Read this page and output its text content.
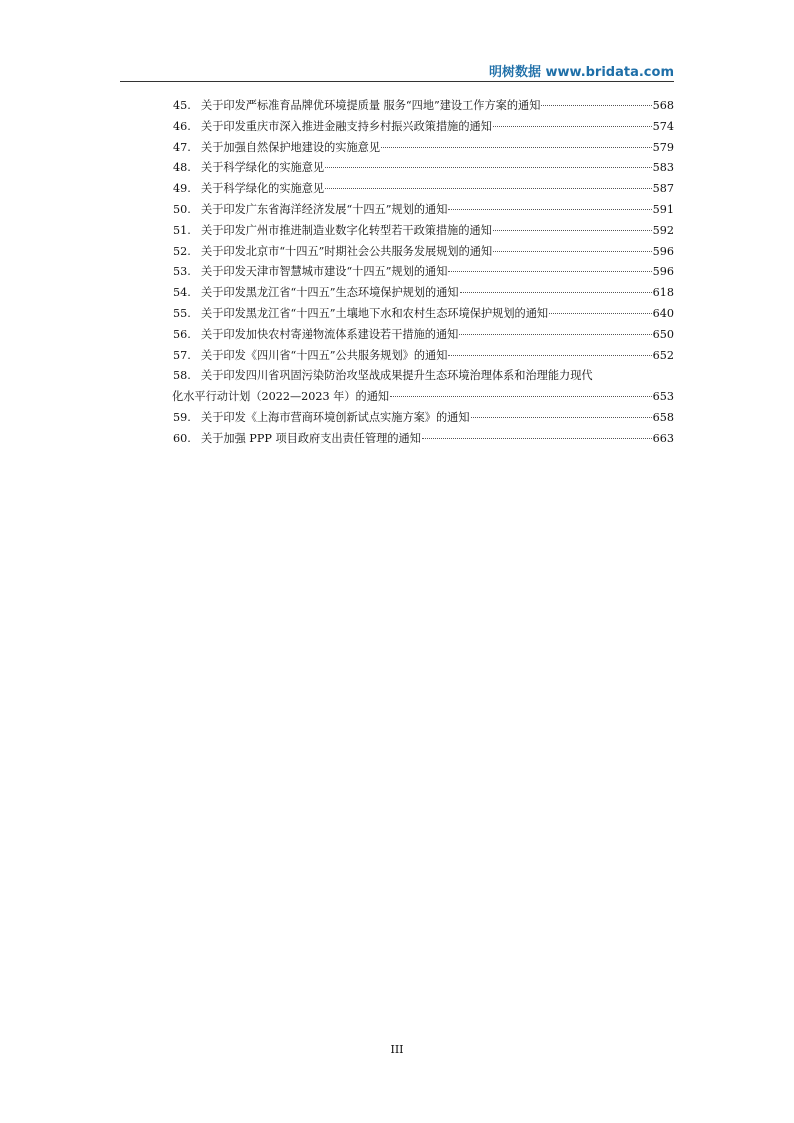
明树数据 www.bridata.com
45. 关于印发严标准育品牌优环境提质量 服务“四地”建设工作方案的通知	568
46. 关于印发重庆市深入推进金融支持乡村振兴政策措施的通知	574
47. 关于加强自然保护地建设的实施意见	579
48. 关于科学绿化的实施意见	583
49. 关于科学绿化的实施意见	587
50. 关于印发广东省海洋经济发展“十四五”规划的通知	591
51. 关于印发广州市推进制造业数字化转型若干政策措施的通知	592
52. 关于印发北京市“十四五”时期社会公共服务发展规划的通知	596
53. 关于印发天津市智慧城市建设“十四五”规划的通知	596
54. 关于印发黑龙江省“十四五”生态环境保护规划的通知	618
55. 关于印发黑龙江省“十四五”土壤地下水和农村生态环境保护规划的通知	640
56. 关于印发加快农村寄递物流体系建设若干措施的通知	650
57. 关于印发《四川省“十四五”公共服务规划》的通知	652
58. 关于印发四川省巩固污染防治攻坚战成果提升生态环境治理体系和治理能力现代
化水平行动计划（2022—2023 年）的通知	653
59. 关于印发《上海市营商环境创新试点实施方案》的通知	658
60. 关于加强 PPP 项目政府支出责任管理的通知	663
III
